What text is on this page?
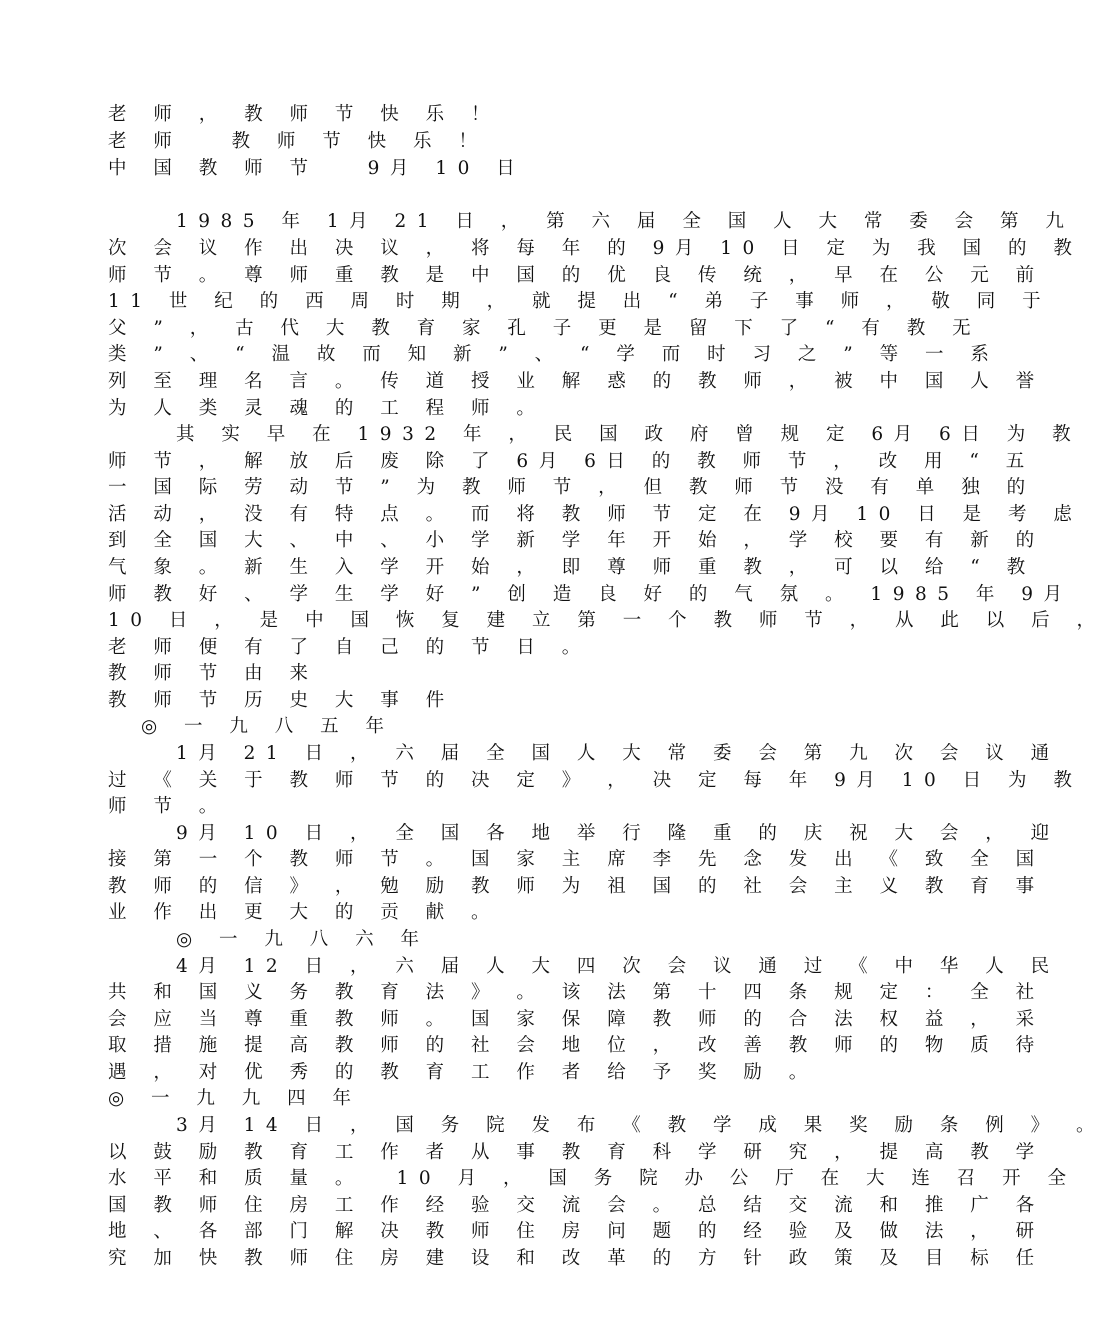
老 师 ， 教 师 节 快 乐 ！
老 师   教 师 节 快 乐 ！
中 国 教 师 节   9月 10 日
1985 年 1月 21 日 ， 第 六 届 全 国 人 大 常 委 会 第 九
次 会 议 作 出 决 议 ， 将 每 年 的 9月 10 日 定 为 我 国 的 教
师 节 。 尊 师 重 教 是 中 国 的 优 良 传 统 ， 早 在 公 元 前
11 世 纪 的 西 周 时 期 ， 就 提 出 “ 弟 子 事 师 ， 敬 同 于
父 ” ， 古 代 大 教 育 家 孔 子 更 是 留 下 了 “ 有 教 无
类 ” 、 “ 温 故 而 知 新 ” 、 “ 学 而 时 习 之 ” 等 一 系
列 至 理 名 言 。 传 道 授 业 解 惑 的 教 师 ， 被 中 国 人 誉
为 人 类 灵 魂 的 工 程 师 。
其 实 早 在 1932 年 ， 民 国 政 府 曾 规 定 6月 6日 为 教
师 节 ， 解 放 后 废 除 了 6月 6日 的 教 师 节 ， 改 用 “ 五
一 国 际 劳 动 节 ” 为 教 师 节 ， 但 教 师 节 没 有 单 独 的
活 动 ， 没 有 特 点 。 而 将 教 师 节 定 在 9月 10 日 是 考 虑
到 全 国 大 、 中 、 小 学 新 学 年 开 始 ， 学 校 要 有 新 的
气 象 。 新 生 入 学 开 始 ， 即 尊 师 重 教 ， 可 以 给 “ 教
师 教 好 、 学 生 学 好 ” 创 造 良 好 的 气 氛 。 1985 年 9月
10 日 ， 是 中 国 恢 复 建 立 第 一 个 教 师 节 ， 从 此 以 后 ，
老 师 便 有 了 自 己 的 节 日 。
教 师 节 由 来
教 师 节 历 史 大 事 件
◎ 一 九 八 五 年
1月 21 日 ， 六 届 全 国 人 大 常 委 会 第 九 次 会 议 通
过 《 关 于 教 师 节 的 决 定 》 ， 决 定 每 年 9月 10 日 为 教
师 节 。
9月 10 日 ， 全 国 各 地 举 行 隆 重 的 庆 祝 大 会 ， 迎
接 第 一 个 教 师 节 。 国 家 主 席 李 先 念 发 出 《 致 全 国
教 师 的 信 》 ， 勉 励 教 师 为 祖 国 的 社 会 主 义 教 育 事
业 作 出 更 大 的 贡 献 。
◎ 一 九 八 六 年
4月 12 日 ， 六 届 人 大 四 次 会 议 通 过 《 中 华 人 民
共 和 国 义 务 教 育 法 》 。 该 法 第 十 四 条 规 定 ： 全 社
会 应 当 尊 重 教 师 。 国 家 保 障 教 师 的 合 法 权 益 ， 采
取 措 施 提 高 教 师 的 社 会 地 位 ， 改 善 教 师 的 物 质 待
遇 ， 对 优 秀 的 教 育 工 作 者 给 予 奖 励 。
◎ 一 九 九 四 年
3月 14 日 ， 国 务 院 发 布 《 教 学 成 果 奖 励 条 例 》 。
以 鼓 励 教 育 工 作 者 从 事 教 育 科 学 研 究 ， 提 高 教 学
水 平 和 质 量 。  10 月 ， 国 务 院 办 公 厅 在 大 连 召 开 全
国 教 师 住 房 工 作 经 验 交 流 会 。 总 结 交 流 和 推 广 各
地 、 各 部 门 解 决 教 师 住 房 问 题 的 经 验 及 做 法 ， 研
究 加 快 教 师 住 房 建 设 和 改 革 的 方 针 政 策 及 目 标 任
